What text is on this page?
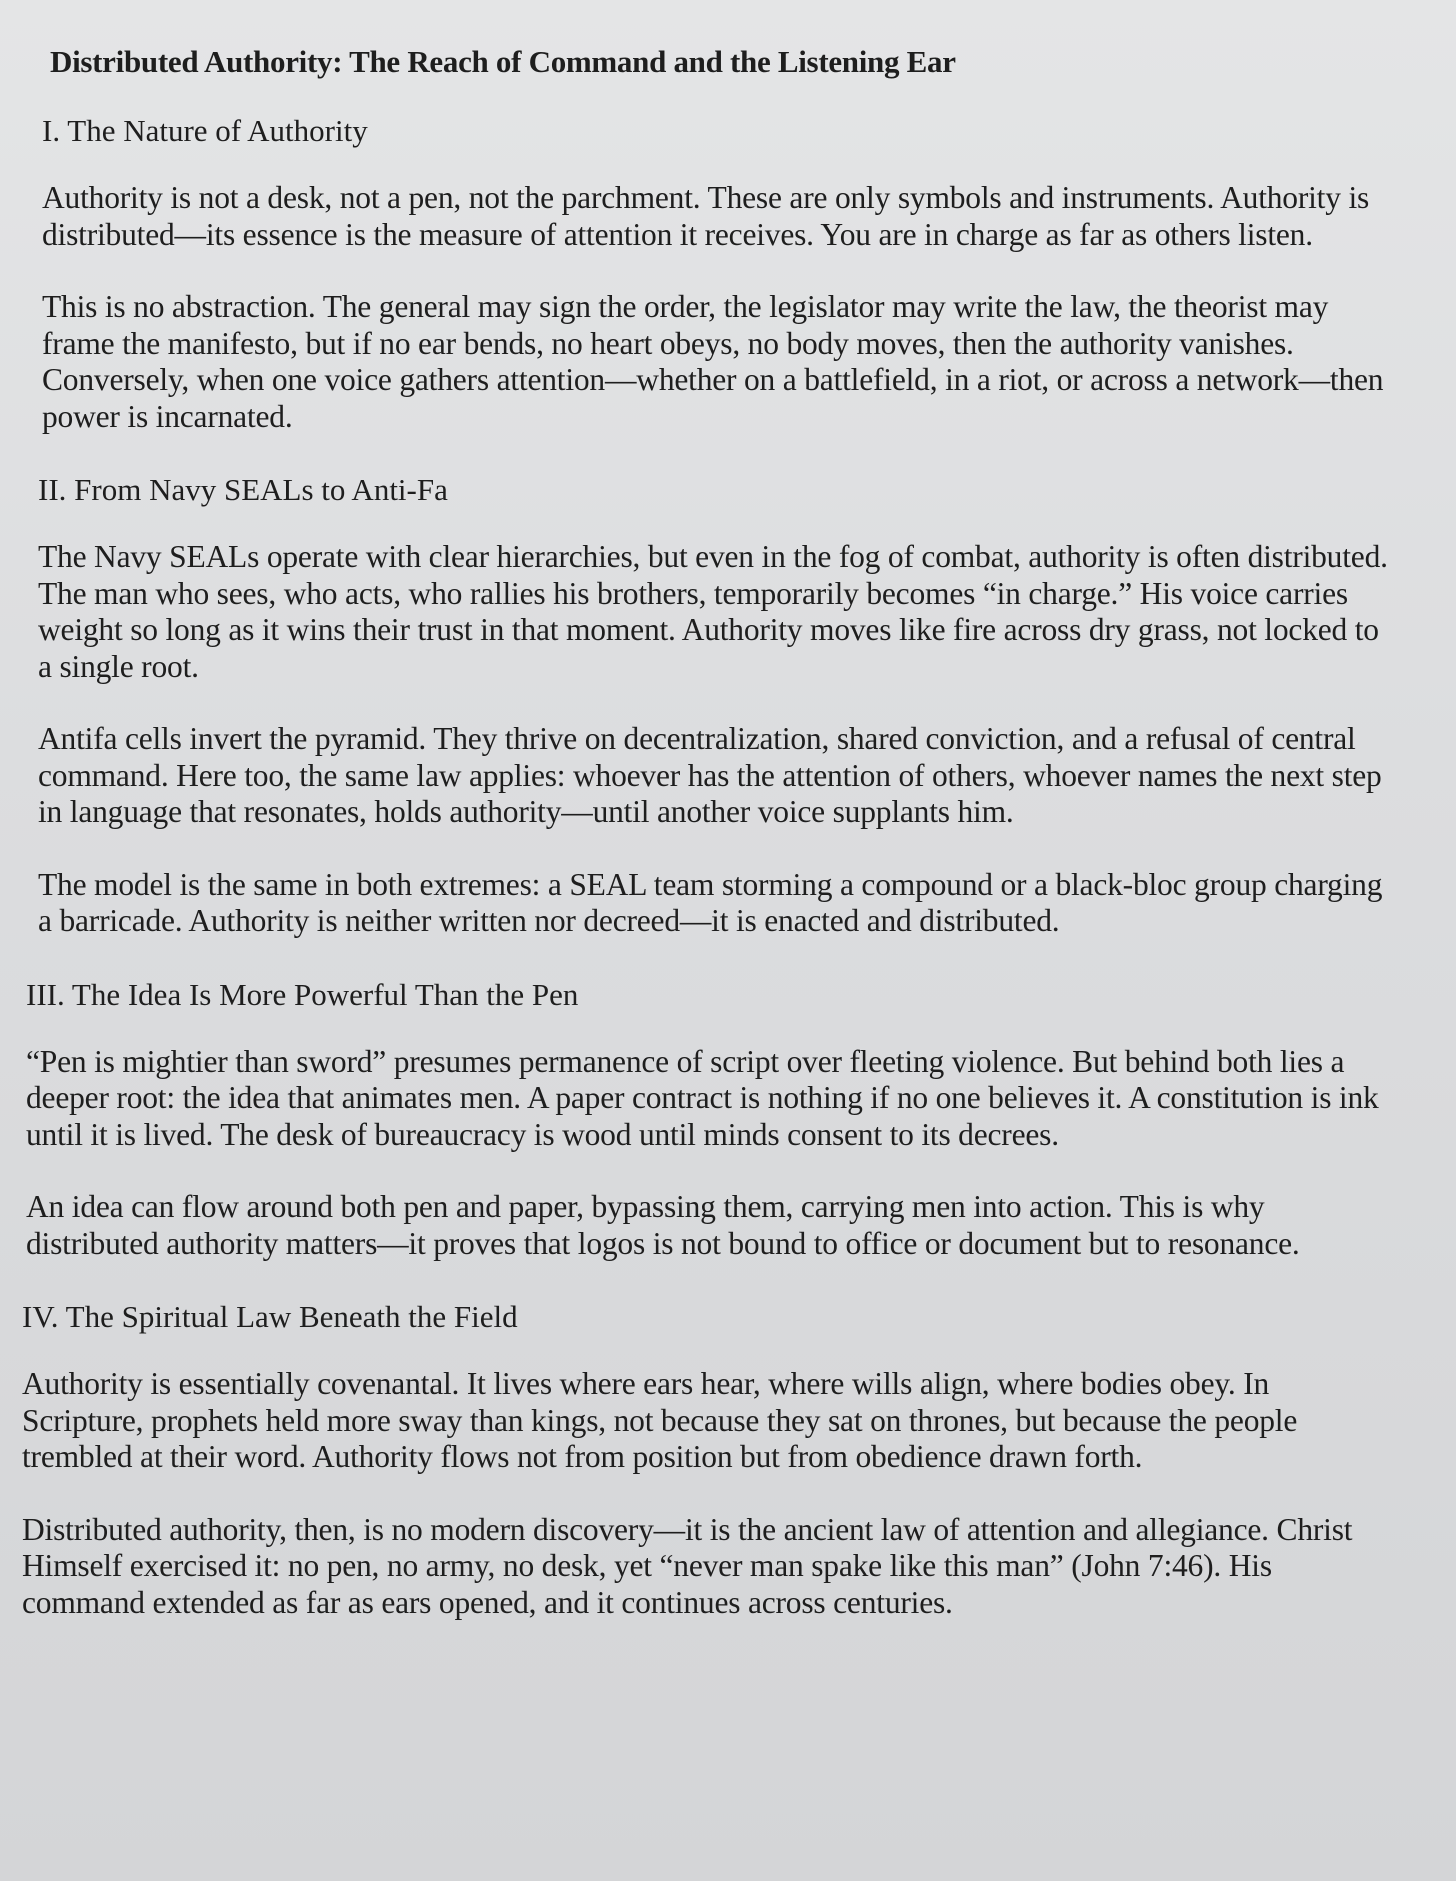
Distributed Authority: The Reach of Command and the Listening Ear
I. The Nature of Authority

Authority is not a desk, not a pen, not the parchment. These are only symbols and instruments. Authority is distributed—its essence is the measure of attention it receives. You are in charge as far as others listen.

This is no abstraction. The general may sign the order, the legislator may write the law, the theorist may frame the manifesto, but if no ear bends, no heart obeys, no body moves, then the authority vanishes. Conversely, when one voice gathers attention—whether on a battlefield, in a riot, or across a network—then power is incarnated.

II. From Navy SEALs to Anti-Fa

The Navy SEALs operate with clear hierarchies, but even in the fog of combat, authority is often distributed. The man who sees, who acts, who rallies his brothers, temporarily becomes “in charge.” His voice carries weight so long as it wins their trust in that moment. Authority moves like fire across dry grass, not locked to a single root.

Antifa cells invert the pyramid. They thrive on decentralization, shared conviction, and a refusal of central command. Here too, the same law applies: whoever has the attention of others, whoever names the next step in language that resonates, holds authority—until another voice supplants him.

The model is the same in both extremes: a SEAL team storming a compound or a black-bloc group charging a barricade. Authority is neither written nor decreed—it is enacted and distributed.

III. The Idea Is More Powerful Than the Pen

“Pen is mightier than sword” presumes permanence of script over fleeting violence. But behind both lies a deeper root: the idea that animates men. A paper contract is nothing if no one believes it. A constitution is ink until it is lived. The desk of bureaucracy is wood until minds consent to its decrees.

An idea can flow around both pen and paper, bypassing them, carrying men into action. This is why distributed authority matters—it proves that logos is not bound to office or document but to resonance.

IV. The Spiritual Law Beneath the Field

Authority is essentially covenantal. It lives where ears hear, where wills align, where bodies obey. In Scripture, prophets held more sway than kings, not because they sat on thrones, but because the people trembled at their word. Authority flows not from position but from obedience drawn forth.

Distributed authority, then, is no modern discovery—it is the ancient law of attention and allegiance. Christ Himself exercised it: no pen, no army, no desk, yet “never man spake like this man” (John 7:46). His command extended as far as ears opened, and it continues across centuries.
